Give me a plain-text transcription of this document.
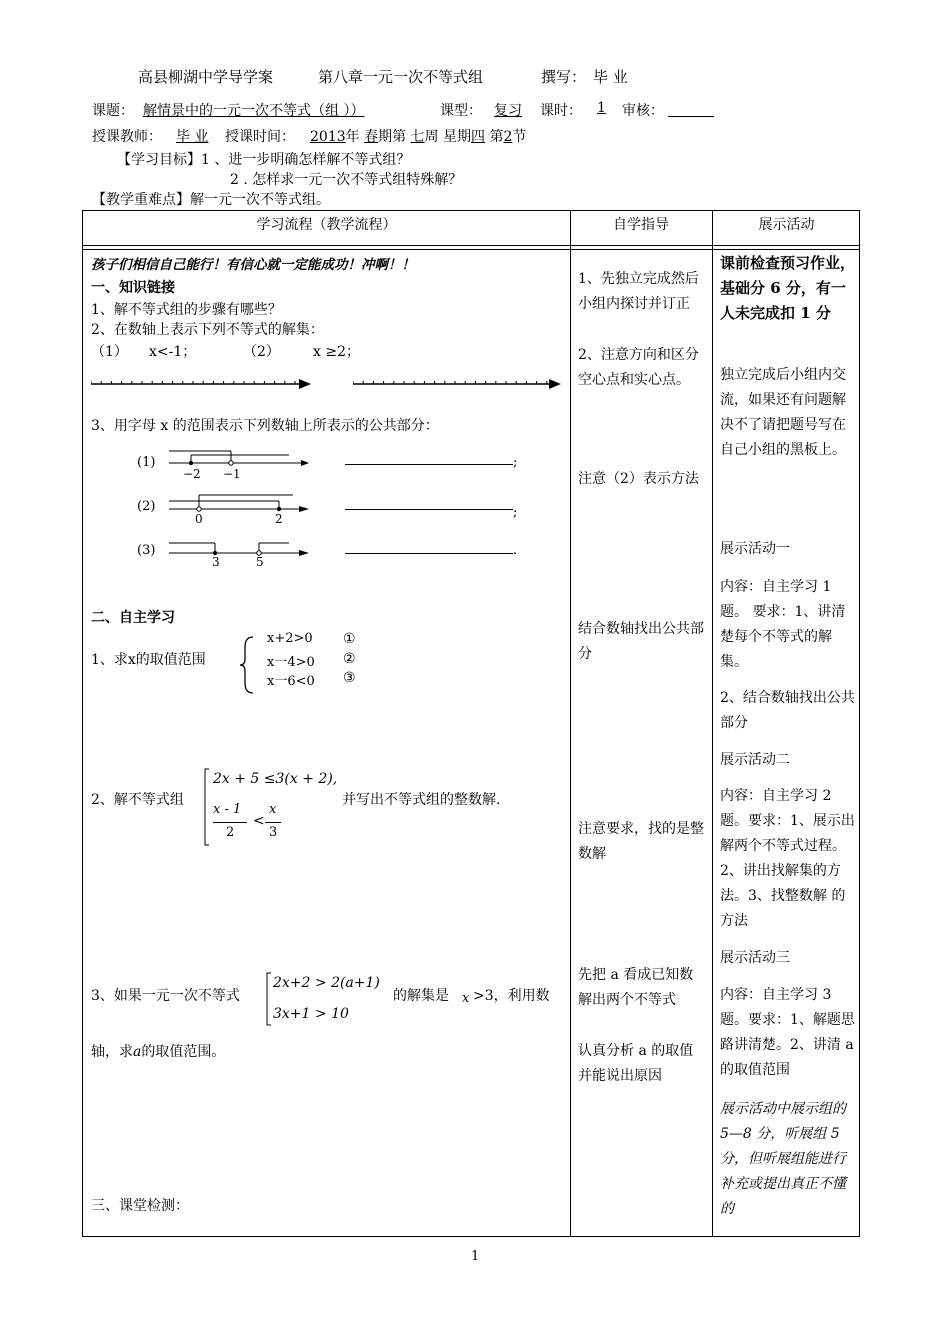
高县柳湖中学导学案	第八章一元一次不等式组	撰写： 毕 业
课题： 解情景中的一元一次不等式（组 ））	课型： 复习	课时：	1	审核：
授课教师： 毕 业 授课时间： 2013年 春期第 七周 星期四 第2节
【学习目标】1 、进一步明确怎样解不等式组？
2 . 怎样求一元一次不等式组特殊解？
【教学重难点】解一元一次不等式组。
学习流程（教学流程）	自学指导	展示活动
孩子们相信自己能行！有信心就一定能成功！冲啊！！
一、知识链接
1、解不等式组的步骤有哪些？
2、在数轴上表示下列不等式的解集：
（1） x<-1；	（2） x ≥2；
3、用字母 x 的范围表示下列数轴上所表示的公共部分：
(1)
−2 −1
;
(2)
0	2	;
(3)
3	5
.
二、自主学习
1、求x的取值范围
x+2>0
x一4>0
x一6<0
①
②
③
2、解不等式组
2x + 5 ≤3(x + 2),
x - 1
2
<
x
3
并写出不等式组的整数解.
3、如果一元一次不等式
2x+2 > 2(a+1)
3x+1 > 10
的解集是 x >3，利用数
轴，求a的取值范围。
三、课堂检测：
1、先独立完成然后小组内探讨并订正
2、注意方向和区分空心点和实心点。
注意（2）表示方法
结合数轴找出公共部分
注意要求，找的是整数解
先把 a 看成已知数解出两个不等式
认真分析 a 的取值并能说出原因
课前检查预习作业，基础分 6 分，有一人未完成扣 1 分
独立完成后小组内交流，如果还有问题解决不了请把题号写在自己小组的黑板上。
展示活动一
内容：自主学习 1 题。 要求：1、讲清楚每个不等式的解集。
2、结合数轴找出公共部分
展示活动二
内容：自主学习 2 题。要求：1、展示出解两个不等式过程。2、讲出找解集的方法。3、找整数解 的方法
展示活动三
内容：自主学习 3 题。要求：1、解题思路讲清楚。2、讲清 a 的取值范围
展示活动中展示组的 5—8 分，听展组 5 分，但听展组能进行补充或提出真正不懂的
1
